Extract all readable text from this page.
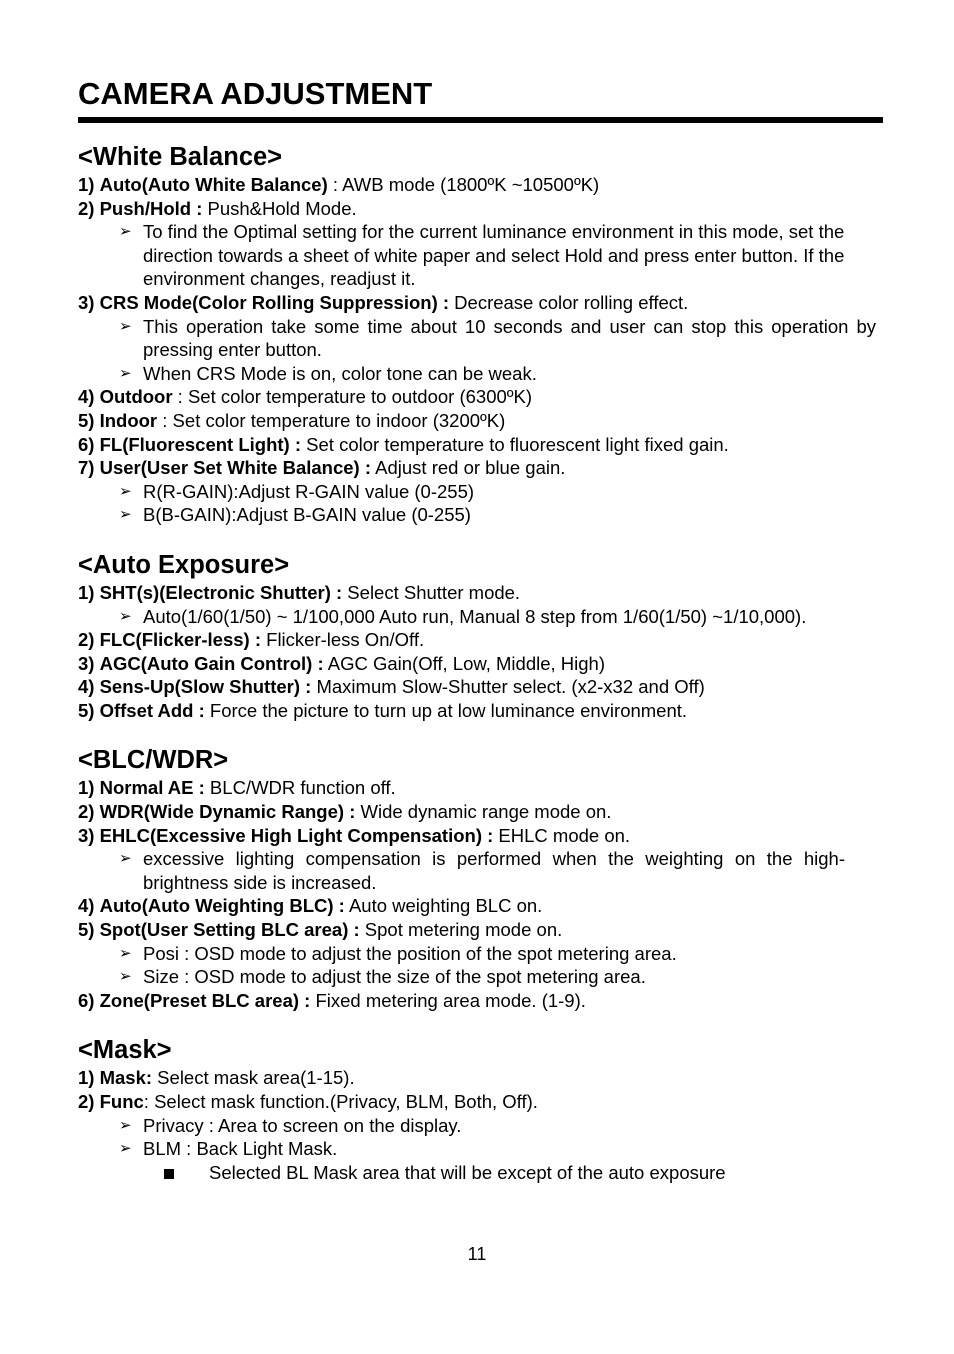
CAMERA ADJUSTMENT
<White Balance>
1) Auto(Auto White Balance) : AWB mode (1800ºK ~10500ºK)
2) Push/Hold : Push&Hold Mode.
➢ To find the Optimal setting for the current luminance environment in this mode, set the direction towards a sheet of white paper and select Hold and press enter button. If the environment changes, readjust it.
3) CRS Mode(Color Rolling Suppression) : Decrease color rolling effect.
➢ This operation take some time about 10 seconds and user can stop this operation by pressing enter button.
➢ When CRS Mode is on, color tone can be weak.
4) Outdoor : Set color temperature to outdoor (6300ºK)
5) Indoor : Set color temperature to indoor (3200ºK)
6) FL(Fluorescent Light) : Set color temperature to fluorescent light fixed gain.
7) User(User Set White Balance) : Adjust red or blue gain.
➢ R(R-GAIN):Adjust R-GAIN value (0-255)
➢ B(B-GAIN):Adjust B-GAIN value (0-255)
<Auto Exposure>
1) SHT(s)(Electronic Shutter) : Select Shutter mode.
➢ Auto(1/60(1/50) ~ 1/100,000 Auto run, Manual 8 step from 1/60(1/50) ~1/10,000).
2) FLC(Flicker-less) : Flicker-less On/Off.
3) AGC(Auto Gain Control) : AGC Gain(Off, Low, Middle, High)
4) Sens-Up(Slow Shutter) : Maximum Slow-Shutter select. (x2-x32 and Off)
5) Offset Add : Force the picture to turn up at low luminance environment.
<BLC/WDR>
1) Normal AE : BLC/WDR function off.
2) WDR(Wide Dynamic Range) : Wide dynamic range mode on.
3) EHLC(Excessive High Light Compensation) : EHLC mode on.
➢ excessive lighting compensation is performed when the weighting on the high-brightness side is increased.
4) Auto(Auto Weighting BLC) : Auto weighting BLC on.
5) Spot(User Setting BLC area) : Spot metering mode on.
➢ Posi : OSD mode to adjust the position of the spot metering area.
➢ Size : OSD mode to adjust the size of the spot metering area.
6) Zone(Preset BLC area) : Fixed metering area mode. (1-9).
<Mask>
1) Mask: Select mask area(1-15).
2) Func: Select mask function.(Privacy, BLM, Both, Off).
➢ Privacy : Area to screen on the display.
➢ BLM : Back Light Mask.
Selected BL Mask area that will be except of the auto exposure
11
